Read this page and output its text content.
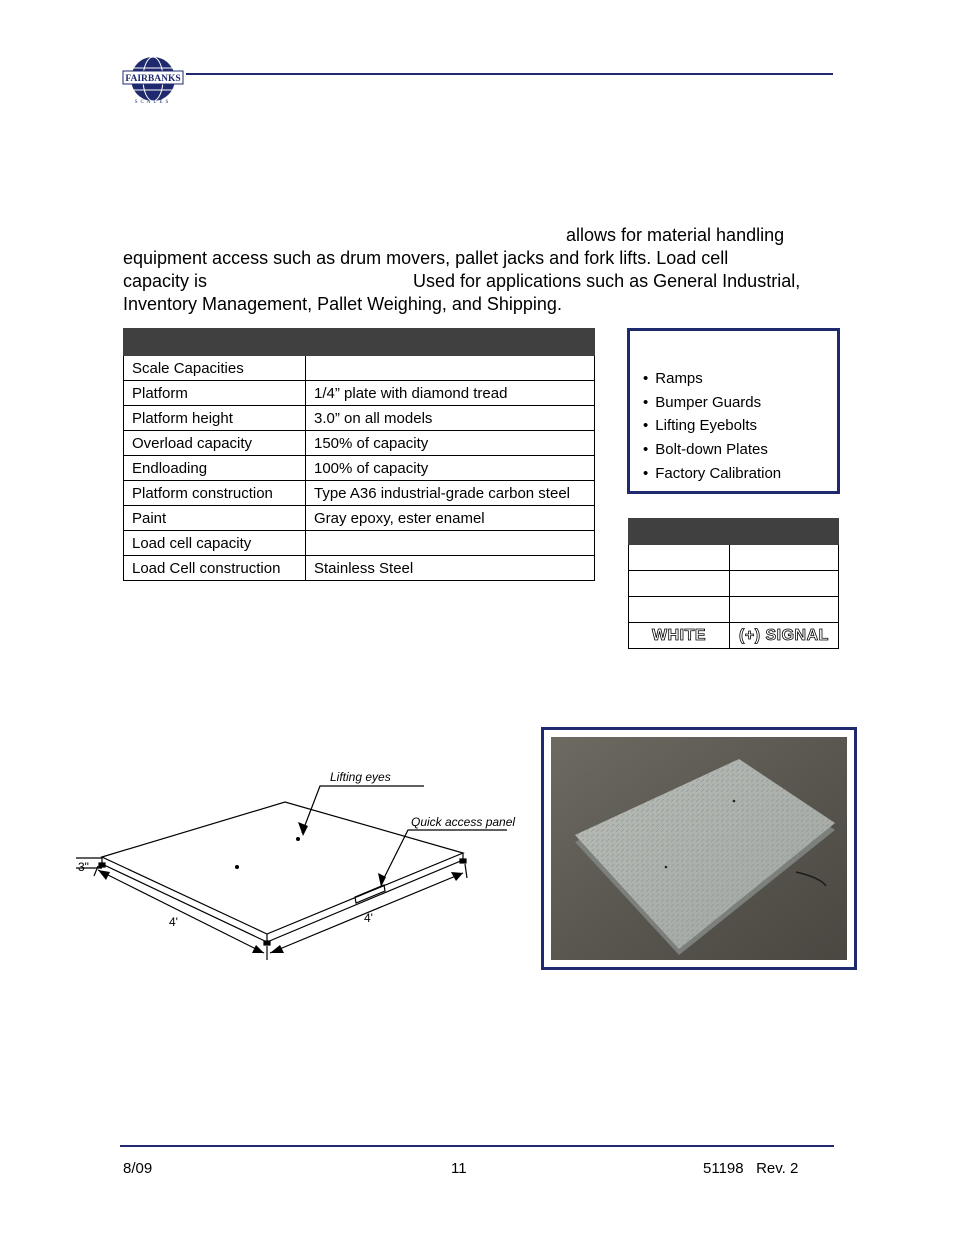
FAIRBANKS
SCALES
allows for material handling
equipment access such as drum movers, pallet jacks and fork lifts. Load cell
capacity is	Used for applications such as General Industrial,
Inventory Management, Pallet Weighing, and Shipping.

Scale Capacities	
Platform	1/4” plate with diamond tread
Platform height	3.0” on all models
Overload capacity	150% of capacity
Endloading	100% of capacity
Platform construction	Type A36 industrial-grade carbon steel
Paint	Gray epoxy, ester enamel
Load cell capacity	
Load Cell construction	Stainless Steel
• Ramps
• Bumper Guards
• Lifting Eyebolts
• Bolt-down Plates
• Factory Calibration

WHITE	(+) SIGNAL
Lifting eyes
Quick access panel
3"
4'	4'
8/09	11	51198   Rev. 2
